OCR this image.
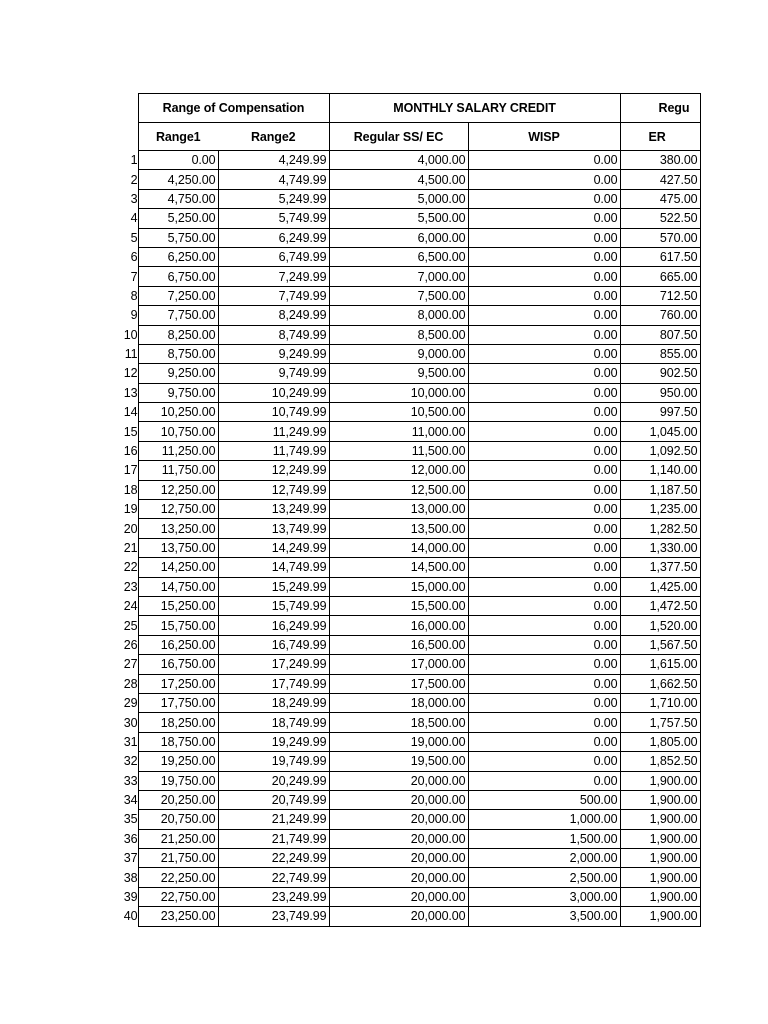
	Range of Compensation		MONTHLY SALARY CREDIT		Regu
	Range1	Range2	Regular SS/ EC	WISP	ER
1	0.00	4,249.99	4,000.00	0.00	380.00
2	4,250.00	4,749.99	4,500.00	0.00	427.50
3	4,750.00	5,249.99	5,000.00	0.00	475.00
4	5,250.00	5,749.99	5,500.00	0.00	522.50
5	5,750.00	6,249.99	6,000.00	0.00	570.00
6	6,250.00	6,749.99	6,500.00	0.00	617.50
7	6,750.00	7,249.99	7,000.00	0.00	665.00
8	7,250.00	7,749.99	7,500.00	0.00	712.50
9	7,750.00	8,249.99	8,000.00	0.00	760.00
10	8,250.00	8,749.99	8,500.00	0.00	807.50
11	8,750.00	9,249.99	9,000.00	0.00	855.00
12	9,250.00	9,749.99	9,500.00	0.00	902.50
13	9,750.00	10,249.99	10,000.00	0.00	950.00
14	10,250.00	10,749.99	10,500.00	0.00	997.50
15	10,750.00	11,249.99	11,000.00	0.00	1,045.00
16	11,250.00	11,749.99	11,500.00	0.00	1,092.50
17	11,750.00	12,249.99	12,000.00	0.00	1,140.00
18	12,250.00	12,749.99	12,500.00	0.00	1,187.50
19	12,750.00	13,249.99	13,000.00	0.00	1,235.00
20	13,250.00	13,749.99	13,500.00	0.00	1,282.50
21	13,750.00	14,249.99	14,000.00	0.00	1,330.00
22	14,250.00	14,749.99	14,500.00	0.00	1,377.50
23	14,750.00	15,249.99	15,000.00	0.00	1,425.00
24	15,250.00	15,749.99	15,500.00	0.00	1,472.50
25	15,750.00	16,249.99	16,000.00	0.00	1,520.00
26	16,250.00	16,749.99	16,500.00	0.00	1,567.50
27	16,750.00	17,249.99	17,000.00	0.00	1,615.00
28	17,250.00	17,749.99	17,500.00	0.00	1,662.50
29	17,750.00	18,249.99	18,000.00	0.00	1,710.00
30	18,250.00	18,749.99	18,500.00	0.00	1,757.50
31	18,750.00	19,249.99	19,000.00	0.00	1,805.00
32	19,250.00	19,749.99	19,500.00	0.00	1,852.50
33	19,750.00	20,249.99	20,000.00	0.00	1,900.00
34	20,250.00	20,749.99	20,000.00	500.00	1,900.00
35	20,750.00	21,249.99	20,000.00	1,000.00	1,900.00
36	21,250.00	21,749.99	20,000.00	1,500.00	1,900.00
37	21,750.00	22,249.99	20,000.00	2,000.00	1,900.00
38	22,250.00	22,749.99	20,000.00	2,500.00	1,900.00
39	22,750.00	23,249.99	20,000.00	3,000.00	1,900.00
40	23,250.00	23,749.99	20,000.00	3,500.00	1,900.00
